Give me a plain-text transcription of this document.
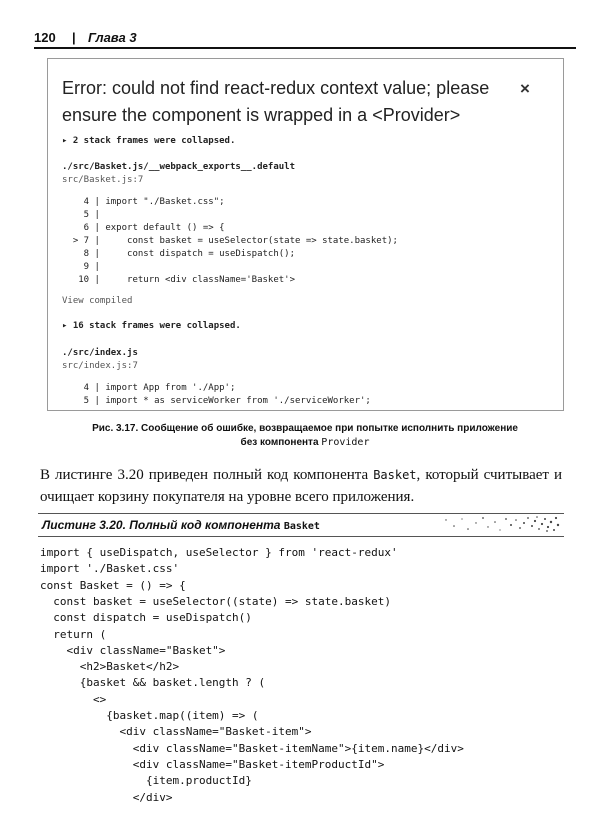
120 | Глава 3
Error: could not find react-redux context value; please ensure the component is wrapped in a <Provider>
×
▸ 2 stack frames were collapsed.
./src/Basket.js/__webpack_exports__.default
src/Basket.js:7
4 | import "./Basket.css";
5 |
6 | export default () => {
> 7 |     const basket = useSelector(state => state.basket);
8 |     const dispatch = useDispatch();
9 |
10 |     return <div className='Basket'>
View compiled
▸ 16 stack frames were collapsed.
./src/index.js
src/index.js:7
4 | import App from './App';
5 | import * as serviceWorker from './serviceWorker';
Рис. 3.17. Сообщение об ошибке, возвращаемое при попытке исполнить приложение
без компонента Provider
В листинге 3.20 приведен полный код компонента Basket, который считывает и очищает корзину покупателя на уровне всего приложения.
Листинг 3.20. Полный код компонента Basket
import { useDispatch, useSelector } from 'react-redux'
import './Basket.css'
const Basket = () => {
const basket = useSelector((state) => state.basket)
const dispatch = useDispatch()
return (
<div className="Basket">
<h2>Basket</h2>
{basket && basket.length ? (
<>
{basket.map((item) => (
<div className="Basket-item">
<div className="Basket-itemName">{item.name}</div>
<div className="Basket-itemProductId">
{item.productId}
</div>
